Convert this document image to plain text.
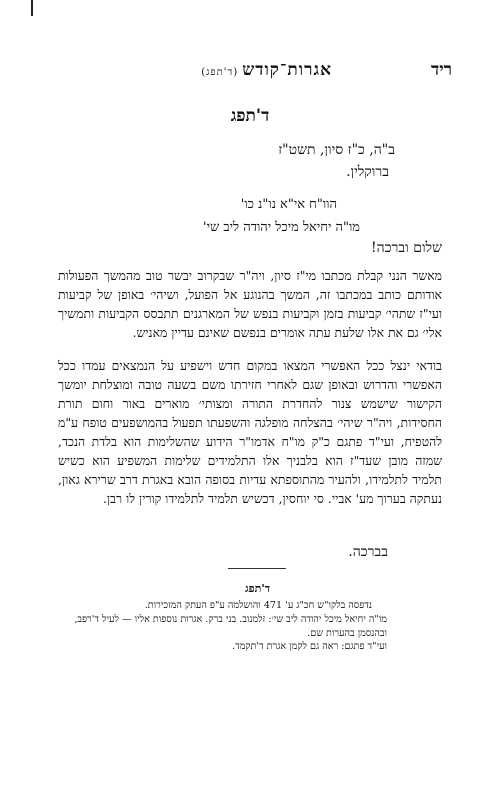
ריד
אגרות־קודש(ד'תפג)
ד'תפג
ב"ה, כ"ז סיון, תשט"ז
ברוקלין.
הוו"ח אי"א נו"נ כו'
מו"ה יחיאל מיכל יהודה ליב שי'
שלום וברכה!
מאשר הנני קבלת מכתבו מי"ז סיון, ויה"ר שבקרוב יבשר טוב מהמשך הפעולות אודותם כותב במכתבו זה, המשך בהנוגע אל הפועל, ושיהי׳ באופן של קביעות ועי"ז שתהי׳ קביעות בזמן וקביעות בנפש של המארגנים תתבסס הקביעות ותמשיך אלי׳ גם את אלו שלעת עתה אומרים בנפשם שאינם עדיין מאניש.
בודאי ינצל ככל האפשרי המצאו במקום חדש וישפיע על הנמצאים עמדו ככל האפשרי והדרוש ובאופן שגם לאחרי חזירתו משם בשעה טובה ומוצלחת יומשך הקישור שישמש צנור להחדרת התורה ומצותי׳ מוארים באור וחום תורת החסידות, ויה"ר שיהי׳ בהצלחה מופלגה והשפעתו תפעול בהמושפעים טופח ע"מ להטפיח, ועי"ד פתגם כ"ק מו"ח אדמו"ר הידוע שהשלימות הוא בלדת הנכד, שמזה מובן שעד"ז הוא בלבניך אלו התלמידים שלימות המשפיע הוא כשיש תלמיד לתלמידו, ולהעיר מהתוספתא עדיות בסופה הובא באגרת דרב שרירא גאון, נעתקה בערוך מע' אביי. סי יוחסין, דכשיש תלמיד לתלמידו קורין לו רבן.
בברכה.
ד'תפג
נדפסה בלקו"ש חכ"ג ע' 471 והושלמה ע"פ העתק המזכירות.
מו"ה יחיאל מיכל יהודה ליב שי׳: זלמנוב. בני ברק. אגרות נוספות אליו — לעיל ד'רפב,
ובהנסמן בהערות שם.
ועי"ד פתגם: ראה גם לקמן אגרת ד'תקמד.
